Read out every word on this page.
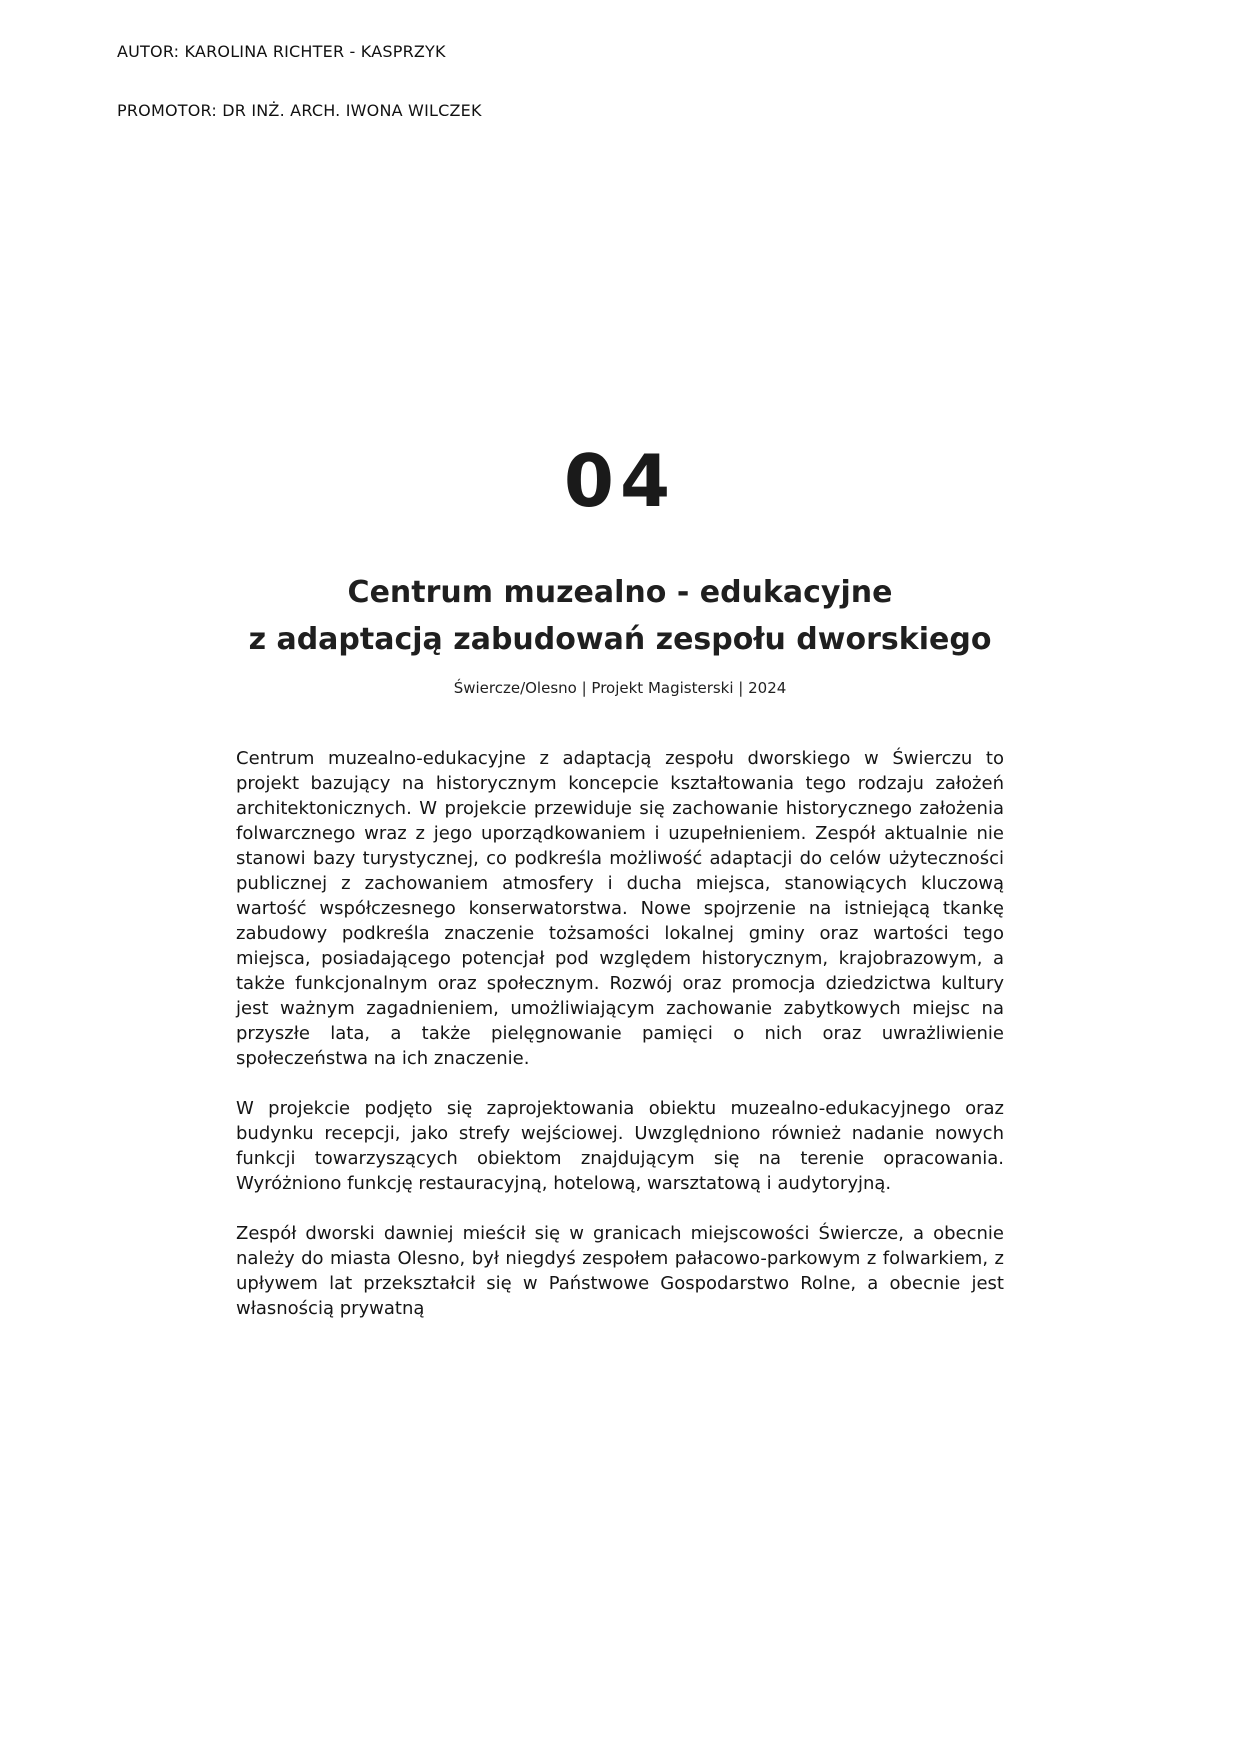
AUTOR: KAROLINA RICHTER - KASPRZYK
PROMOTOR: DR INŻ. ARCH. IWONA WILCZEK
04
Centrum muzealno - edukacyjne
z adaptacją zabudowań zespołu dworskiego
Świercze/Olesno | Projekt Magisterski | 2024

Centrum muzealno-edukacyjne z adaptacją zespołu dworskiego w Świerczu to projekt bazujący na historycznym koncepcie kształtowania tego rodzaju założeń architektonicznych. W projekcie przewiduje się zachowanie historycznego założenia folwarcznego wraz z jego uporządkowaniem i uzupełnieniem. Zespół aktualnie nie stanowi bazy turystycznej, co podkreśla możliwość adaptacji do celów użyteczności publicznej z zachowaniem atmosfery i ducha miejsca, stanowiących kluczową wartość współczesnego konserwatorstwa. Nowe spojrzenie na istniejącą tkankę zabudowy podkreśla znaczenie tożsamości lokalnej gminy oraz wartości tego miejsca, posiadającego potencjał pod względem historycznym, krajobrazowym, a także funkcjonalnym oraz społecznym. Rozwój oraz promocja dziedzictwa kultury jest ważnym zagadnieniem, umożliwiającym zachowanie zabytkowych miejsc na przyszłe lata, a także pielęgnowanie pamięci o nich oraz uwrażliwienie społeczeństwa na ich znaczenie.

W projekcie podjęto się zaprojektowania obiektu muzealno-edukacyjnego oraz budynku recepcji, jako strefy wejściowej. Uwzględniono również nadanie nowych funkcji towarzyszących obiektom znajdującym się na terenie opracowania. Wyróżniono funkcję restauracyjną, hotelową, warsztatową i audytoryjną.

Zespół dworski dawniej mieścił się w granicach miejscowości Świercze, a obecnie należy do miasta Olesno, był niegdyś zespołem pałacowo-parkowym z folwarkiem, z upływem lat przekształcił się w Państwowe Gospodarstwo Rolne, a obecnie jest własnością prywatną
